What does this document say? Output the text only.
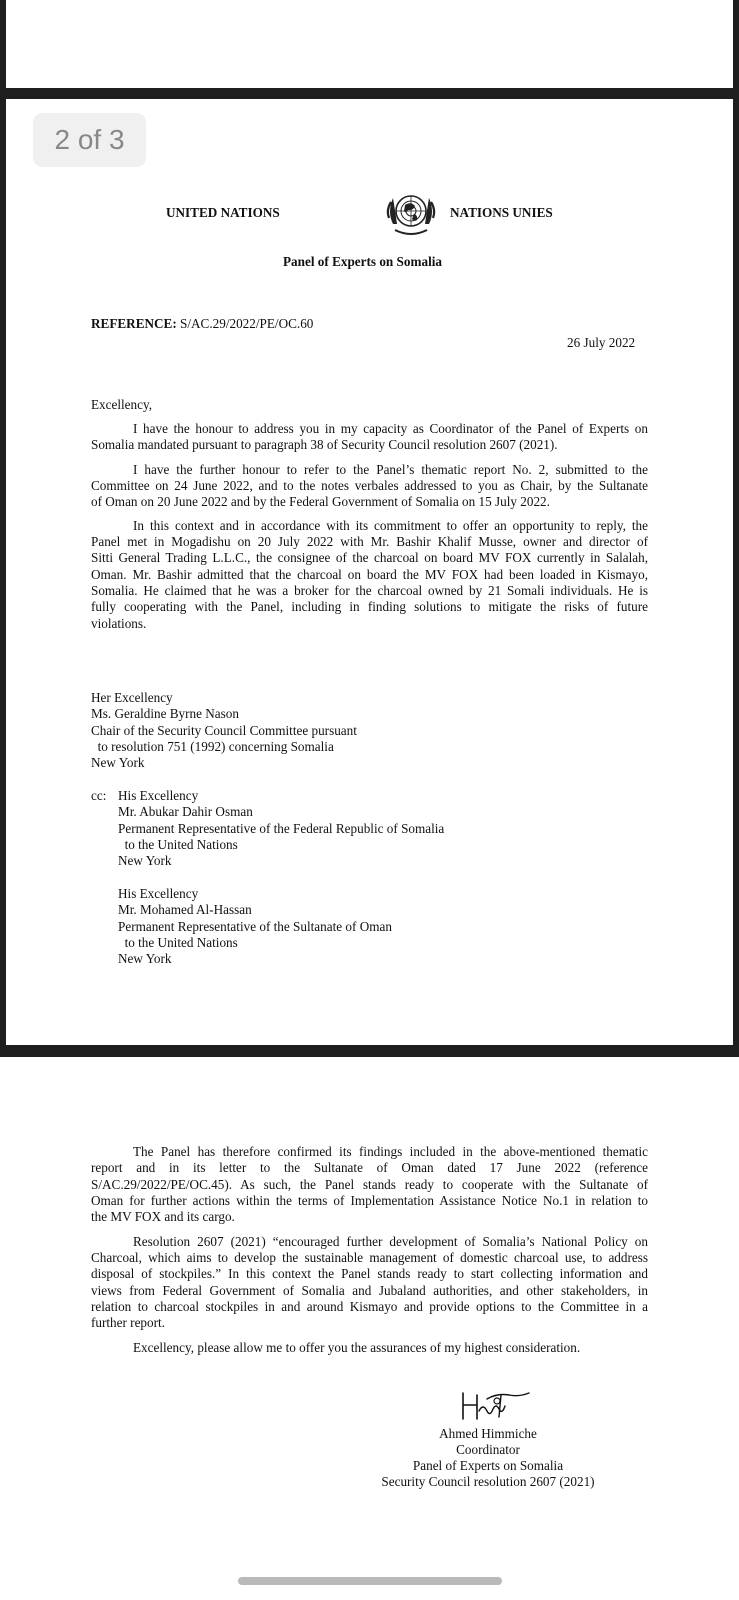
2 of 3
UNITED NATIONS	NATIONS UNIES
Panel of Experts on Somalia
REFERENCE: S/AC.29/2022/PE/OC.60
26 July 2022
Excellency,
I have the honour to address you in my capacity as Coordinator of the Panel of Experts on
Somalia mandated pursuant to paragraph 38 of Security Council resolution 2607 (2021).
I have the further honour to refer to the Panel’s thematic report No. 2, submitted to the
Committee on 24 June 2022, and to the notes verbales addressed to you as Chair, by the Sultanate
of Oman on 20 June 2022 and by the Federal Government of Somalia on 15 July 2022.
In this context and in accordance with its commitment to offer an opportunity to reply, the
Panel met in Mogadishu on 20 July 2022 with Mr. Bashir Khalif Musse, owner and director of
Sitti General Trading L.L.C., the consignee of the charcoal on board MV FOX currently in Salalah,
Oman. Mr. Bashir admitted that the charcoal on board the MV FOX had been loaded in Kismayo,
Somalia. He claimed that he was a broker for the charcoal owned by 21 Somali individuals. He is
fully cooperating with the Panel, including in finding solutions to mitigate the risks of future
violations.
Her Excellency
Ms. Geraldine Byrne Nason
Chair of the Security Council Committee pursuant
to resolution 751 (1992) concerning Somalia
New York
cc: His Excellency
Mr. Abukar Dahir Osman
Permanent Representative of the Federal Republic of Somalia
to the United Nations
New York
His Excellency
Mr. Mohamed Al-Hassan
Permanent Representative of the Sultanate of Oman
to the United Nations
New York
The Panel has therefore confirmed its findings included in the above-mentioned thematic
report and in its letter to the Sultanate of Oman dated 17 June 2022 (reference
S/AC.29/2022/PE/OC.45). As such, the Panel stands ready to cooperate with the Sultanate of
Oman for further actions within the terms of Implementation Assistance Notice No.1 in relation to
the MV FOX and its cargo.
Resolution 2607 (2021) “encouraged further development of Somalia’s National Policy on
Charcoal, which aims to develop the sustainable management of domestic charcoal use, to address
disposal of stockpiles.” In this context the Panel stands ready to start collecting information and
views from Federal Government of Somalia and Jubaland authorities, and other stakeholders, in
relation to charcoal stockpiles in and around Kismayo and provide options to the Committee in a
further report.
Excellency, please allow me to offer you the assurances of my highest consideration.
Ahmed Himmiche
Coordinator
Panel of Experts on Somalia
Security Council resolution 2607 (2021)
